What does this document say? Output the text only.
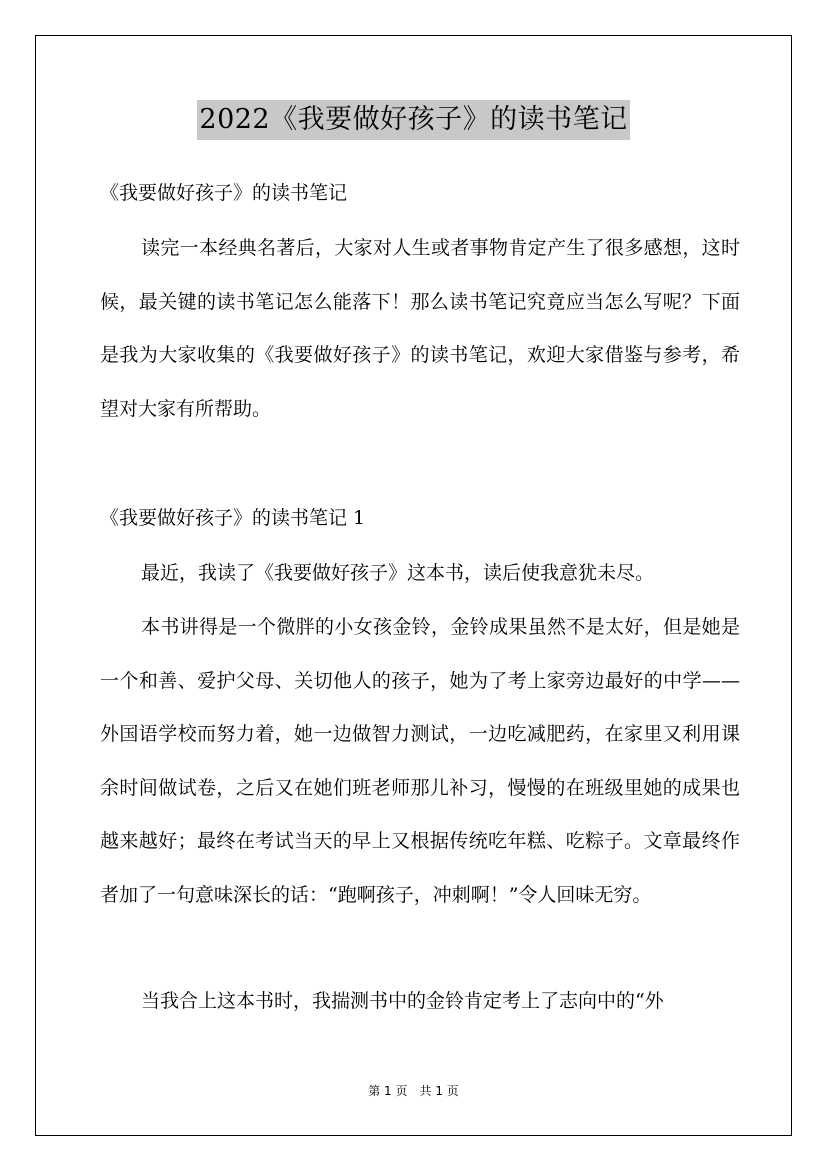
2022《我要做好孩子》的读书笔记

《我要做好孩子》的读书笔记

读完一本经典名著后，大家对人生或者事物肯定产生了很多感想，这时候，最关键的读书笔记怎么能落下！那么读书笔记究竟应当怎么写呢？下面是我为大家收集的《我要做好孩子》的读书笔记，欢迎大家借鉴与参考，希望对大家有所帮助。

《我要做好孩子》的读书笔记 1

最近，我读了《我要做好孩子》这本书，读后使我意犹未尽。

本书讲得是一个微胖的小女孩金铃，金铃成果虽然不是太好，但是她是一个和善、爱护父母、关切他人的孩子，她为了考上家旁边最好的中学——外国语学校而努力着，她一边做智力测试，一边吃减肥药，在家里又利用课余时间做试卷，之后又在她们班老师那儿补习，慢慢的在班级里她的成果也越来越好；最终在考试当天的早上又根据传统吃年糕、吃粽子。文章最终作者加了一句意味深长的话：“跑啊孩子，冲刺啊！”令人回味无穷。

当我合上这本书时，我揣测书中的金铃肯定考上了志向中的“外

第 1 页　共 1 页
